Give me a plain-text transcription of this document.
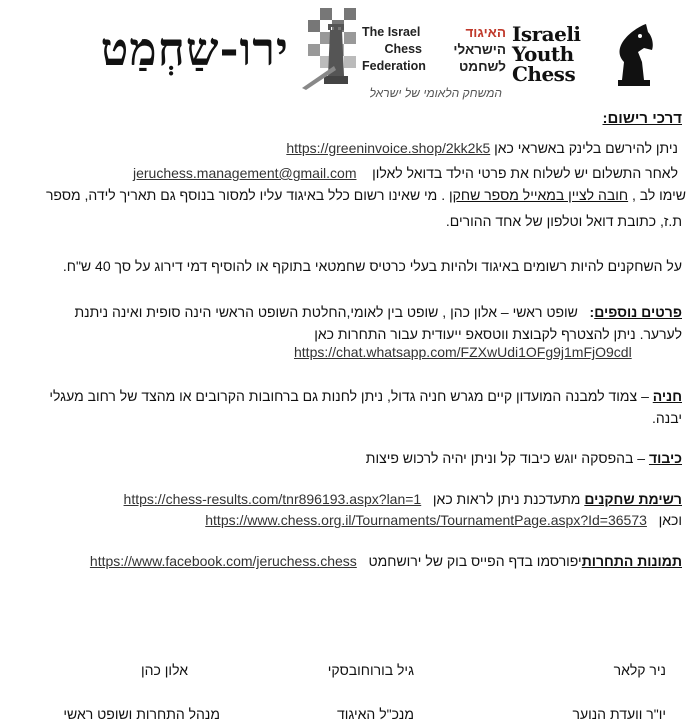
ירו-שַחְמַט	The Israel
Chess
Federation
האיגוד
הישראלי
לשחמט
המשחק הלאומי של ישראל
Israeli
Youth
Chess
דרכי רישום:
ניתן להירשם בלינק באשראי כאן https://greeninvoice.shop/2kk2k5
לאחר התשלום יש לשלוח את פרטי הילד בדואל לאלון    jeruchess.management@gmail.com
שימו לב , חובה לציין במאייל מספר שחקן . מי שאינו רשום כלל באיגוד עליו למסור בנוסף גם תאריך לידה, מספר
ת.ז, כתובת דואל וטלפון של אחד ההורים.
על השחקנים להיות רשומים באיגוד ולהיות בעלי כרטיס שחמטאי בתוקף או להוסיף דמי דירוג על סך 40 ש"ח.
פרטים נוספים:   שופט ראשי – אלון כהן , שופט בין לאומי,החלטת השופט הראשי הינה סופית ואינה ניתנת
לערער. ניתן להצטרף לקבוצת ווטסאפ ייעודית עבור התחרות כאן
https://chat.whatsapp.com/FZXwUdi1OFg9j1mFjO9cdl
חניה – צמוד למבנה המועדון קיים מגרש חניה גדול, ניתן לחנות גם ברחובות הקרובים או מהצד של רחוב מעגלי
יבנה.
כיבוד – בהפסקה יוגש כיבוד קל וניתן יהיה לרכוש פיצות
רשימת שחקנים מתעדכנת ניתן לראות כאן   https://chess-results.com/tnr896193.aspx?lan=1
וכאן   https://www.chess.org.il/Tournaments/TournamentPage.aspx?Id=36573
תמונות התחרותיפורסמו בדף הפייס בוק של ירושחמט   https://www.facebook.com/jeruchess.chess
ניר קלאר
יו"ר וועדת הנוער
גיל בורוחובסקי
מנכ"ל האיגוד
אלון כהן
מנהל התחרות ושופט ראשי
